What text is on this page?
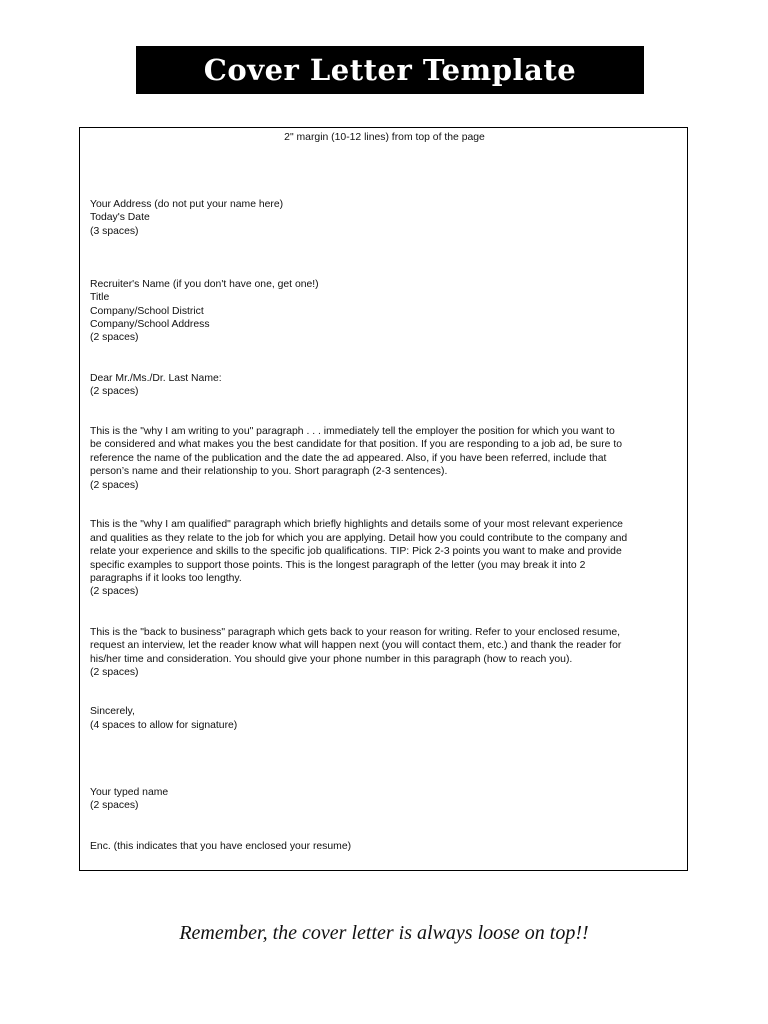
Cover Letter Template
2" margin (10-12 lines) from top of the page
Your Address (do not put your name here)
Today's Date
(3 spaces)
Recruiter's Name (if you don't have one, get one!)
Title
Company/School District
Company/School Address
(2 spaces)
Dear Mr./Ms./Dr. Last Name:
(2 spaces)
This is the "why I am writing to you" paragraph . . . immediately tell the employer the position for which you want to
be considered and what makes you the best candidate for that position. If you are responding to a job ad, be sure to
reference the name of the publication and the date the ad appeared. Also, if you have been referred, include that
person’s name and their relationship to you. Short paragraph (2-3 sentences).
(2 spaces)
This is the "why I am qualified" paragraph which briefly highlights and details some of your most relevant experience
and qualities as they relate to the job for which you are applying. Detail how you could contribute to the company and
relate your experience and skills to the specific job qualifications. TIP: Pick 2-3 points you want to make and provide
specific examples to support those points. This is the longest paragraph of the letter (you may break it into 2
paragraphs if it looks too lengthy.
(2 spaces)
This is the "back to business" paragraph which gets back to your reason for writing. Refer to your enclosed resume,
request an interview, let the reader know what will happen next (you will contact them, etc.) and thank the reader for
his/her time and consideration. You should give your phone number in this paragraph (how to reach you).
(2 spaces)
Sincerely,
(4 spaces to allow for signature)
Your typed name
(2 spaces)
Enc. (this indicates that you have enclosed your resume)
Remember, the cover letter is always loose on top!!
